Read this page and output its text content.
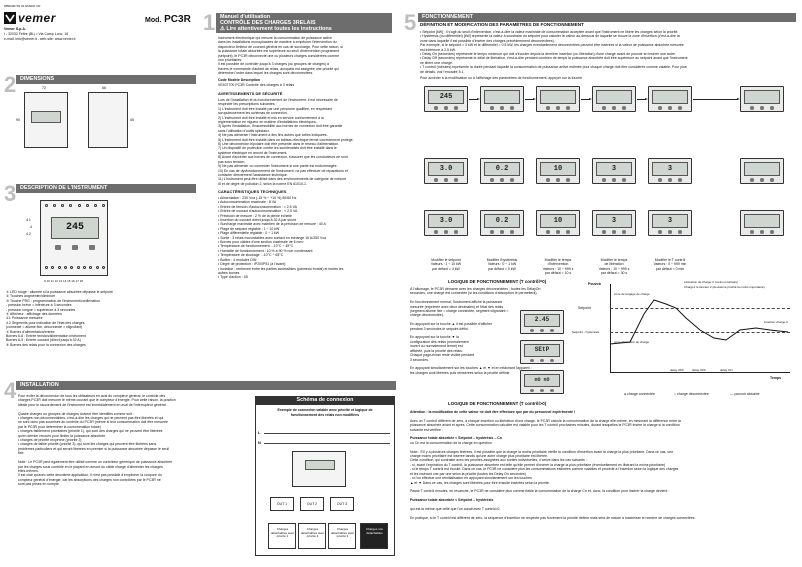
9IB0000703 01 E59201 FR
vemer
Vemer S.p.A.
I - 32032 Feltre (BL) • Via Camp Lonc, 16
e-mail: info@vemer.it - web site: www.vemer.it
Mod. PC3R
2 DIMENSIONS
72
90
66
45
3 DESCRIPTION DE L'INSTRUMENT
245
4.1
4.2
4
9 10 11 12 13 14 15 16 17 18
① LED rouge : allumée si la puissance absorbée dépasse le setpoint
② Touches augmenter/diminuer
③ Touche PRG : programmation de l'instrument/confirmation
- pression brève = inférieure à 3 secondes
- pression longue = supérieure à 3 secondes
④ Afficheur : affichage des données
4.1 Puissance mesurée
4.2 Segments pour indication de l'état des charges
(connecté = allumé fixe, déconnecté = clignotant)
⑤ Bornes d'alimentation/entrée
Bornes 6-8 : Entrée tension/alimentation instrument
Bornes 6-9 : Entrée courant (direct jusqu'à 32 A)
⑥ Bornes des relais pour la connexion des charges
1 Manuel d'utilisation
CONTRÔLE DES CHARGES 3RELAIS
⚠ Lire attentivement toutes les instructions
Instrument électronique qui mesure la consommation de puissance active
dans les installations monophasées de manière à empêcher l'intervention du
disjoncteur limiteur de courant général en cas de surcharge. Pour cette raison, si
la puissance totale absorbée est supérieure au seuil d'intervention programmé
(setpoint), le PC3R déconnecte une ou plusieurs charges considérées comme
non prioritaires.
Il est possible de contrôler jusqu'à 3 charges (ou groupes de charges) à
travers le commande d'autant de relais, auxquels est assignée une priorité qui
détermine l'ordre dans lequel les charges sont déconnectées.
Code Modèle Description
VE407700 PC3R Contrôle des charges à 3 relais
AVERTISSEMENTS DE SÉCURITÉ
Lors de l'installation et du fonctionnement de l'instrument, il est nécessaire de
respecter les prescriptions suivantes :
1) L'instrument doit être installé par une personne qualifiée, en respectant
scrupuleusement les schémas de connexion.
2) L'instrument doit être installé et mis en service conformément à la
réglementation en vigueur en matière d'installations électriques.
3) Après l'installation, l'inaccessibilité aux bornes de connexion doit être garantie
sans l'utilisation d'outils spéciaux.
4) Ne pas alimenter l'instrument à des fins autres que celles indiquées.
5) L'instrument doit être installé dans un tableau électrique fermé correctement protégé.
6) Une déconnexion bipolaire doit être présente dans le réseau d'alimentation.
7) Un dispositif de protection contre les surintensités doit être installé dans le
système électrique en amont de l'instrument.
8) Avant d'accéder aux bornes de connexion, s'assurer que les conducteurs ne sont
pas sous tension.
9) Ne pas alimenter ou connecter l'instrument si une partie est endommagée.
10) En cas de dysfonctionnement de l'instrument, ne pas effectuer de réparations et
contacter directement l'assistance technique.
11) L'instrument peut être utilisé dans des environnements de catégorie de mesure
III et de degré de pollution 2, selon la norme EN 61010-1.
CARACTÉRISTIQUES TECHNIQUES
• Alimentation : 230 Vca (-15 % ÷ +10 %) 50/60 Hz
• Autoconsommation maximale : 8 VA
• Entrée de tension d'autoconsommation : < 2,5 VA
• Entrée de courant d'autoconsommation : < 2,5 VA
• Précision de mesure : 2 % de la pleine échelle
• Insertion du courant direct jusqu'à 32 A par shunt
• Surcharge maximale avec maintien de la précision de mesure : 40 A
• Plage de setpoint réglable : 1 ÷ 10 kW
• Plage différentielle réglable : 0 ÷ 1 kW
• Sortie : 3 relais monostables avec contact en échange 16 A/250 Vca
• Bornes pour câbles d'une section maximale de 6 mm²
• Température de fonctionnement : -10°C ÷ 45°C
• Humidité de fonctionnement : 10 % à 90 % non condensant
• Température de stockage : -10°C ÷ 65°C
• Boîtier : 4 modules DIN
• Degré de protection : IP20/IP51 (à l'avant)
• Isolation : renforcée entre les parties accessibles (panneau frontal) et toutes les
autres bornes
• Type d'action : 1B
4 INSTALLATION
Pour éviter la déconnexion de tous les utilisateurs en aval du compteur général, le contrôle des
charges PC3R doit mesurer le même courant que le compteur d'énergie. Pour cette raison, la position
idéale pour le raccordement de l'instrument est immédiatement en aval de l'interrupteur général.

Quatre charges ou groupes de charges doivent être identifiés comme suit :
• charges non déconnectables, c'est-à-dire les charges qui ne peuvent pas être libérées et qui
ne sont donc pas soumises au contrôle du PC3R (même si leur consommation doit être mesurée
par le PC3R pour déterminer la consommation totale)
• charges faiblement prioritaires (priorité 1), qui sont des charges qui ne peuvent être libérées
qu'en dernier recours pour limiter la puissance absorbée
• charges de priorité moyenne (priorité 2)
• charges de faible priorité (priorité 3), qui sont les charges qui peuvent être libérées sans
problèmes particuliers et qui seront libérées en premier si la puissance absorbée dépasse le seuil
fixé.

Note : Le PC3R peut également être utilisé comme un contrôleur générique de puissance absorbée
par les charges sous contrôle en le plaçant en amont du câble chargé d'alimenter les charges
elles-mêmes.
Il est clair qu'avec cette deuxième application, il n'est pas possible d'empêcher la coupure du
compteur général d'énergie, car les absorptions des charges non contrôlées par le PC3R ne
sont pas prises en compte.
Schéma de connexion
Exemple de connexion valable avec priorité et logique de
fonctionnement des relais non modifiées
L
N
OUT 1	OUT 2	OUT 3
Charges détachables avec priorité 1
Charges détachables avec priorité 2
Charges détachables avec priorité 3
Charges non détachables
5	FONCTIONNEMENT
DÉFINITION ET MODIFICATION DES PARAMÈTRES DE FONCTIONNEMENT
• Setpoint [kW] : il s'agit du seuil d'intervention, c'est-à-dire la valeur maximale de consommation acceptée avant que l'instrument ne libère les charges selon la priorité.
• Hystérésis (ou différentiel) [kW] représente la valeur à soustraire du setpoint pour calculer la valeur au-dessous de laquelle se trouve la zone d'insertion (c'est-à-dire la
zone dans laquelle il est possible d'insérer des charges précédemment déconnectées).
Par exemple, si le setpoint = 3 kW et le différentiel = 0,5 kW, les charges éventuellement déconnectées peuvent être insérées si la valeur de puissance absorbée mesurée
est inférieure à 2,5 kW.
• Delay On (secondes) représente le temps minimum qui doit s'écouler depuis la dernière insertion (ou libération) d'une charge avant de pouvoir en insérer une autre.
• Delay Off (secondes) représente le délai de libération, c'est-à-dire pendant combien de temps la puissance absorbée doit être supérieure au setpoint avant que l'instrument
ne libère une charge.
• T contrôl (minutes) représente la durée pendant laquelle la consommation de puissance active estimée pour chaque charge doit être considérée comme valable. Pour plus
de détails, voir l'encadré 5.1.
Pour accéder à la modification ou à l'affichage des paramètres de fonctionnement, appuyer sur la touche
245
3.0	0.2	10	3	3
3.0	0.2	10	3	3
Modifier le setpoint
Valeurs : 1 ÷ 10 kW
par défaut = 3 kW
Modifier l'hystérésis
Valeurs : 0 ÷ 1 kW
par défaut = 0 kW
Modifier le temps
d'intervention
Valeurs : 10 ÷ 999 s
par défaut = 10 s
Modifier le temps
de libération
Valeurs : 10 ÷ 999 s
par défaut = 30 s
Modifier le T contrôl
Valeurs : 0 ÷ 999 min
par défaut = 0 min
LOGIQUE DE FONCTIONNEMENT (T contrôl=0)
À l'allumage, le PC3R démarre avec les charges déconnectées ; toutes les DelayOn
secondes, une charge est connectée (si les conditions d'absorption le permettent).

En fonctionnement normal, l'instrument affiche la puissance
mesurée (exprimée avec deux décimales) et l'état des relais
(segment allumé fixe = charge connectée, segment clignotant =
charge déconnectée).

En appuyant sur la touche ▲ il est possible d'afficher
pendant 3 secondes le setpoint défini.

En appuyant sur la touche ▼ la
configuration des relais (normalement
ouvert ou normalement fermé) est
affichée, puis la priorité des relais.
Chaque page-écran reste visible pendant
3 secondes.

En appuyant simultanément sur les touches ▲ et ▼ et en relâchant l'appareil :
les charges sont libérées puis réinsérées selon la priorité définie.
2.45
SEtP
nO nO
Pouvoir
Temps
Setpoint
Setpoint - hystérésis
zone de largage de charge
zone d'insertion de charge
Libération de charge 3 (moins prioritaire)
Chargez le lanceur 2 (deuxième priorité la moins importante)
insertion charge 3
delay OFF	delay OFF	delay ON
● charge connectée	○ charge déconnectée	— pouvoir absorbé
LOGIQUE DE FONCTIONNEMENT (T contrôl>0)
Attention : la modification de cette valeur ne doit être effectuée que par du personnel expérimenté !

Avec un T contrôl différent de zéro, à chaque insertion ou libération d'une charge, le PC3R calcule la consommation de la charge elle-même, en mesurant la différence entre la
puissance absorbée avant et après. Cette consommation calculée est valable pour les T contrôl prochaines minutes, durant lesquelles le PC3R insère la charge si la condition
suivante est vérifiée :

Puissance totale absorbée < Setpoint – hystérésis – Cn
où Cn est la consommation de la charge en question

Note : S'il y a plusieurs charges libérées, il est possible que la charge la moins prioritaire vérifie la condition d'insertion avant la charge la plus prioritaire. Dans ce cas, une
charge moins prioritaire est insérée tandis qu'une autre charge plus prioritaire est libérée.
Cette condition, qui contraste avec les priorités assignées aux sorties individuelles, n'arrive dans les cas suivants :
- si, avant l'expiration du T contrôl, la puissance absorbée est telle qu'elle permet d'insérer la charge la plus prioritaire (éventuellement en libérant la moins prioritaire)
- si le temps T contrôl est écoulé. Dans ce cas, le PC3R ne considère plus les consommations estimées comme valables et procède à l'insertion selon la logique des charges
et les insérant une par une selon la priorité (toutes les Delay On secondes)
- si l'on effectue une réinitialisation en appuyant simultanément sur les touches
▲ et ▼ Dans ce cas, les charges sont libérées pour être ensuite insérées selon la priorité.

Passé T contrôl minutes, en revanche, le PC3R ne considère plus comme fiable la consommation de la charge Cn et, donc, la condition pour insérer la charge devient :

Puissance totale absorbée < Setpoint – hystérésis

qui est la même que celle que l'on aurait avec T contrôl=0.

En pratique, si le T contrôl est différent de zéro, la séquence d'insertion ne respecte pas forcément la priorité définie mais sera de nature à maximiser le nombre de charges connectées.
